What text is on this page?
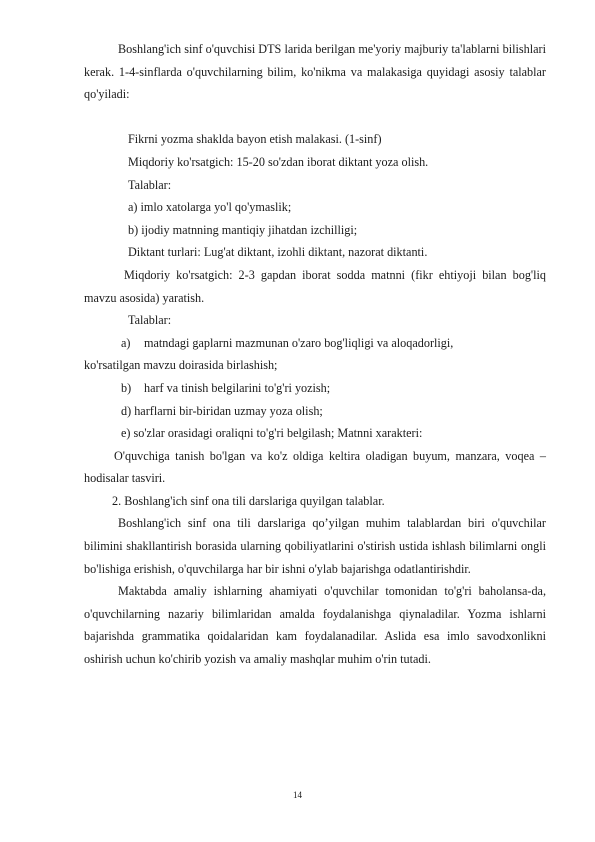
Boshlang'ich sinf o'quvchisi DTS larida berilgan me'yoriy majburiy ta'lablarni bilishlari kerak. 1-4-sinflarda o'quvchilarning bilim, ko'nikma va malakasiga quyidagi asosiy talablar qo'yiladi:

Fikrni yozma shaklda bayon etish malakasi. (1-sinf)

Miqdoriy ko'rsatgich: 15-20 so'zdan iborat diktant yoza olish.

Talablar:

a) imlo xatolarga yo'l qo'ymaslik;

b) ijodiy matnning mantiqiy jihatdan izchilligi;

Diktant turlari: Lug'at diktant, izohli diktant, nazorat diktanti.

Miqdoriy ko'rsatgich: 2-3 gapdan iborat sodda matnni (fikr ehtiyoji bilan bog'liq mavzu asosida) yaratish.

Talablar:

a)	matndagi gaplarni mazmunan o'zaro bog'liqligi va aloqadorligi,

ko'rsatilgan mavzu doirasida birlashish;

b)	harf va tinish belgilarini to'g'ri yozish;

d) harflarni bir-biridan uzmay yoza olish;

e) so'zlar orasidagi oraliqni to'g'ri belgilash; Matnni xarakteri:

O'quvchiga tanish bo'lgan va ko'z oldiga keltira oladigan buyum, manzara, voqea –hodisalar tasviri.

2. Boshlang'ich sinf ona tili darslariga quyilgan talablar.

Boshlang'ich sinf ona tili darslariga qo’yilgan muhim talablardan biri o'quvchilar bilimini shakllantirish borasida ularning qobiliyatlarini o'stirish ustida ishlash bilimlarni ongli bo'lishiga erishish, o'quvchilarga har bir ishni o'ylab bajarishga odatlantirishdir.

Maktabda amaliy ishlarning ahamiyati o'quvchilar tomonidan to'g'ri baholansa-da, o'quvchilarning nazariy bilimlaridan amalda foydalanishga qiynaladilar. Yozma ishlarni bajarishda grammatika qoidalaridan kam foydalanadilar. Aslida esa imlo savodxonlikni oshirish uchun ko'chirib yozish va amaliy mashqlar muhim o'rin tutadi.

14
